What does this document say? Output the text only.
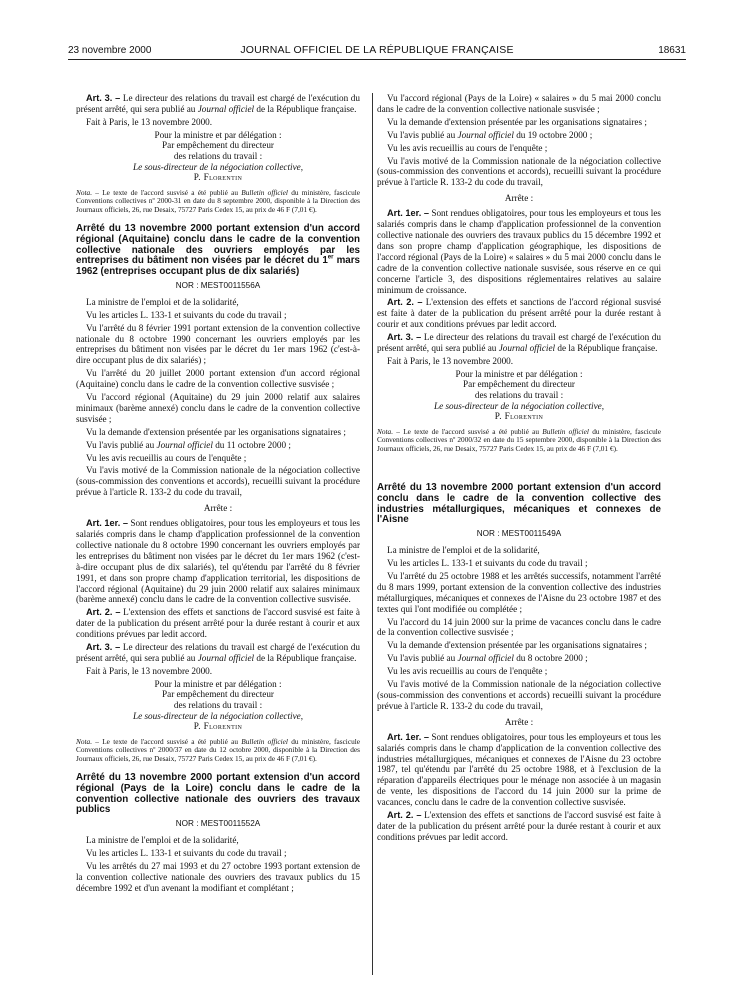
23 novembre 2000	JOURNAL OFFICIEL DE LA RÉPUBLIQUE FRANÇAISE	18631

Art. 3. – Le directeur des relations du travail est chargé de l'exécution du présent arrêté, qui sera publié au Journal officiel de la République française.

Fait à Paris, le 13 novembre 2000.

Pour la ministre et par délégation :

Par empêchement du directeur

des relations du travail :

Le sous-directeur de la négociation collective,

P. Florentin

Nota. – Le texte de l'accord susvisé a été publié au Bulletin officiel du ministère, fascicule Conventions collectives nº 2000-31 en date du 8 septembre 2000, disponible à la Direction des Journaux officiels, 26, rue Desaix, 75727 Paris Cedex 15, au prix de 46 F (7,01 €).

Arrêté du 13 novembre 2000 portant extension d'un accord régional (Aquitaine) conclu dans le cadre de la convention collective nationale des ouvriers employés par les entreprises du bâtiment non visées par le décret du 1er mars 1962 (entreprises occupant plus de dix salariés)

NOR : MEST0011556A

La ministre de l'emploi et de la solidarité,

Vu les articles L. 133-1 et suivants du code du travail ;

Vu l'arrêté du 8 février 1991 portant extension de la convention collective nationale du 8 octobre 1990 concernant les ouvriers employés par les entreprises du bâtiment non visées par le décret du 1er mars 1962 (c'est-à-dire occupant plus de dix salariés) ;

Vu l'arrêté du 20 juillet 2000 portant extension d'un accord régional (Aquitaine) conclu dans le cadre de la convention collective susvisée ;

Vu l'accord régional (Aquitaine) du 29 juin 2000 relatif aux salaires minimaux (barème annexé) conclu dans le cadre de la convention collective susvisée ;

Vu la demande d'extension présentée par les organisations signataires ;

Vu l'avis publié au Journal officiel du 11 octobre 2000 ;

Vu les avis recueillis au cours de l'enquête ;

Vu l'avis motivé de la Commission nationale de la négociation collective (sous-commission des conventions et accords), recueilli suivant la procédure prévue à l'article R. 133-2 du code du travail,

Arrête :

Art. 1er. – Sont rendues obligatoires, pour tous les employeurs et tous les salariés compris dans le champ d'application professionnel de la convention collective nationale du 8 octobre 1990 concernant les ouvriers employés par les entreprises du bâtiment non visées par le décret du 1er mars 1962 (c'est-à-dire occupant plus de dix salariés), tel qu'étendu par l'arrêté du 8 février 1991, et dans son propre champ d'application territorial, les dispositions de l'accord régional (Aquitaine) du 29 juin 2000 relatif aux salaires minimaux (barème annexé) conclu dans le cadre de la convention collective susvisée.

Art. 2. – L'extension des effets et sanctions de l'accord susvisé est faite à dater de la publication du présent arrêté pour la durée restant à courir et aux conditions prévues par ledit accord.

Art. 3. – Le directeur des relations du travail est chargé de l'exécution du présent arrêté, qui sera publié au Journal officiel de la République française.

Fait à Paris, le 13 novembre 2000.

Pour la ministre et par délégation :

Par empêchement du directeur

des relations du travail :

Le sous-directeur de la négociation collective,

P. Florentin

Nota. – Le texte de l'accord susvisé a été publié au Bulletin officiel du ministère, fascicule Conventions collectives nº 2000/37 en date du 12 octobre 2000, disponible à la Direction des Journaux officiels, 26, rue Desaix, 75727 Paris Cedex 15, au prix de 46 F (7,01 €).

Arrêté du 13 novembre 2000 portant extension d'un accord régional (Pays de la Loire) conclu dans le cadre de la convention collective nationale des ouvriers des travaux publics

NOR : MEST0011552A

La ministre de l'emploi et de la solidarité,

Vu les articles L. 133-1 et suivants du code du travail ;

Vu les arrêtés du 27 mai 1993 et du 27 octobre 1993 portant extension de la convention collective nationale des ouvriers des travaux publics du 15 décembre 1992 et d'un avenant la modifiant et complétant ;

Vu l'accord régional (Pays de la Loire) « salaires » du 5 mai 2000 conclu dans le cadre de la convention collective nationale susvisée ;

Vu la demande d'extension présentée par les organisations signataires ;

Vu l'avis publié au Journal officiel du 19 octobre 2000 ;

Vu les avis recueillis au cours de l'enquête ;

Vu l'avis motivé de la Commission nationale de la négociation collective (sous-commission des conventions et accords), recueilli suivant la procédure prévue à l'article R. 133-2 du code du travail,

Arrête :

Art. 1er. – Sont rendues obligatoires, pour tous les employeurs et tous les salariés compris dans le champ d'application professionnel de la convention collective nationale des ouvriers des travaux publics du 15 décembre 1992 et dans son propre champ d'application géographique, les dispositions de l'accord régional (Pays de la Loire) « salaires » du 5 mai 2000 conclu dans le cadre de la convention collective nationale susvisée, sous réserve en ce qui concerne l'article 3, des dispositions réglementaires relatives au salaire minimum de croissance.

Art. 2. – L'extension des effets et sanctions de l'accord régional susvisé est faite à dater de la publication du présent arrêté pour la durée restant à courir et aux conditions prévues par ledit accord.

Art. 3. – Le directeur des relations du travail est chargé de l'exécution du présent arrêté, qui sera publié au Journal officiel de la République française.

Fait à Paris, le 13 novembre 2000.

Pour la ministre et par délégation :

Par empêchement du directeur

des relations du travail :

Le sous-directeur de la négociation collective,

P. Florentin

Nota. – Le texte de l'accord susvisé a été publié au Bulletin officiel du ministère, fascicule Conventions collectives nº 2000/32 en date du 15 septembre 2000, disponible à la Direction des Journaux officiels, 26, rue Desaix, 75727 Paris Cedex 15, au prix de 46 F (7,01 €).

Arrêté du 13 novembre 2000 portant extension d'un accord conclu dans le cadre de la convention collective des industries métallurgiques, mécaniques et connexes de l'Aisne

NOR : MEST0011549A

La ministre de l'emploi et de la solidarité,

Vu les articles L. 133-1 et suivants du code du travail ;

Vu l'arrêté du 25 octobre 1988 et les arrêtés successifs, notamment l'arrêté du 8 mars 1999, portant extension de la convention collective des industries métallurgiques, mécaniques et connexes de l'Aisne du 23 octobre 1987 et des textes qui l'ont modifiée ou complétée ;

Vu l'accord du 14 juin 2000 sur la prime de vacances conclu dans le cadre de la convention collective susvisée ;

Vu la demande d'extension présentée par les organisations signataires ;

Vu l'avis publié au Journal officiel du 8 octobre 2000 ;

Vu les avis recueillis au cours de l'enquête ;

Vu l'avis motivé de la Commission nationale de la négociation collective (sous-commission des conventions et accords) recueilli suivant la procédure prévue à l'article R. 133-2 du code du travail,

Arrête :

Art. 1er. – Sont rendues obligatoires, pour tous les employeurs et tous les salariés compris dans le champ d'application de la convention collective des industries métallurgiques, mécaniques et connexes de l'Aisne du 23 octobre 1987, tel qu'étendu par l'arrêté du 25 octobre 1988, et à l'exclusion de la réparation d'appareils électriques pour le ménage non associée à un magasin de vente, les dispositions de l'accord du 14 juin 2000 sur la prime de vacances, conclu dans le cadre de la convention collective susvisée.

Art. 2. – L'extension des effets et sanctions de l'accord susvisé est faite à dater de la publication du présent arrêté pour la durée restant à courir et aux conditions prévues par ledit accord.
